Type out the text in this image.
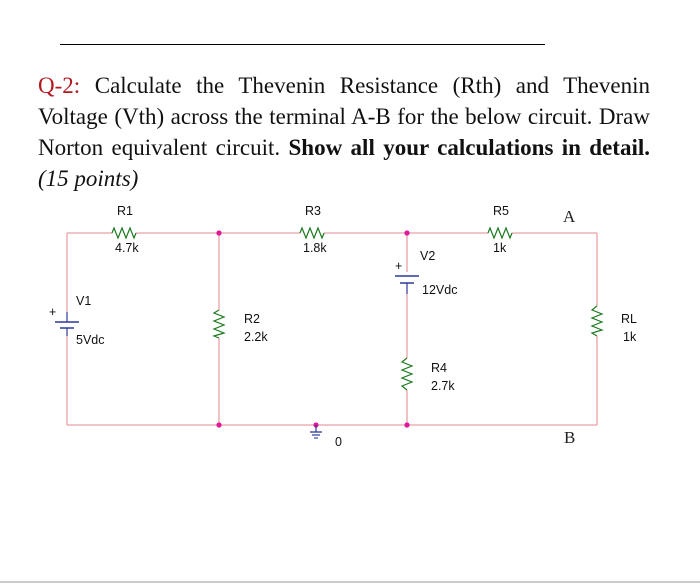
Q-2: Calculate the Thevenin Resistance (Rth) and Thevenin Voltage (Vth) across the terminal A-B for the below circuit. Draw Norton equivalent circuit. Show all your calculations in detail. (15 points)
+
+
R1
4.7k
R3
1.8k
R5
1k
V2
12Vdc
V1
5Vdc
R2
2.2k
R4
2.7k
RL
1k
0
A
B
